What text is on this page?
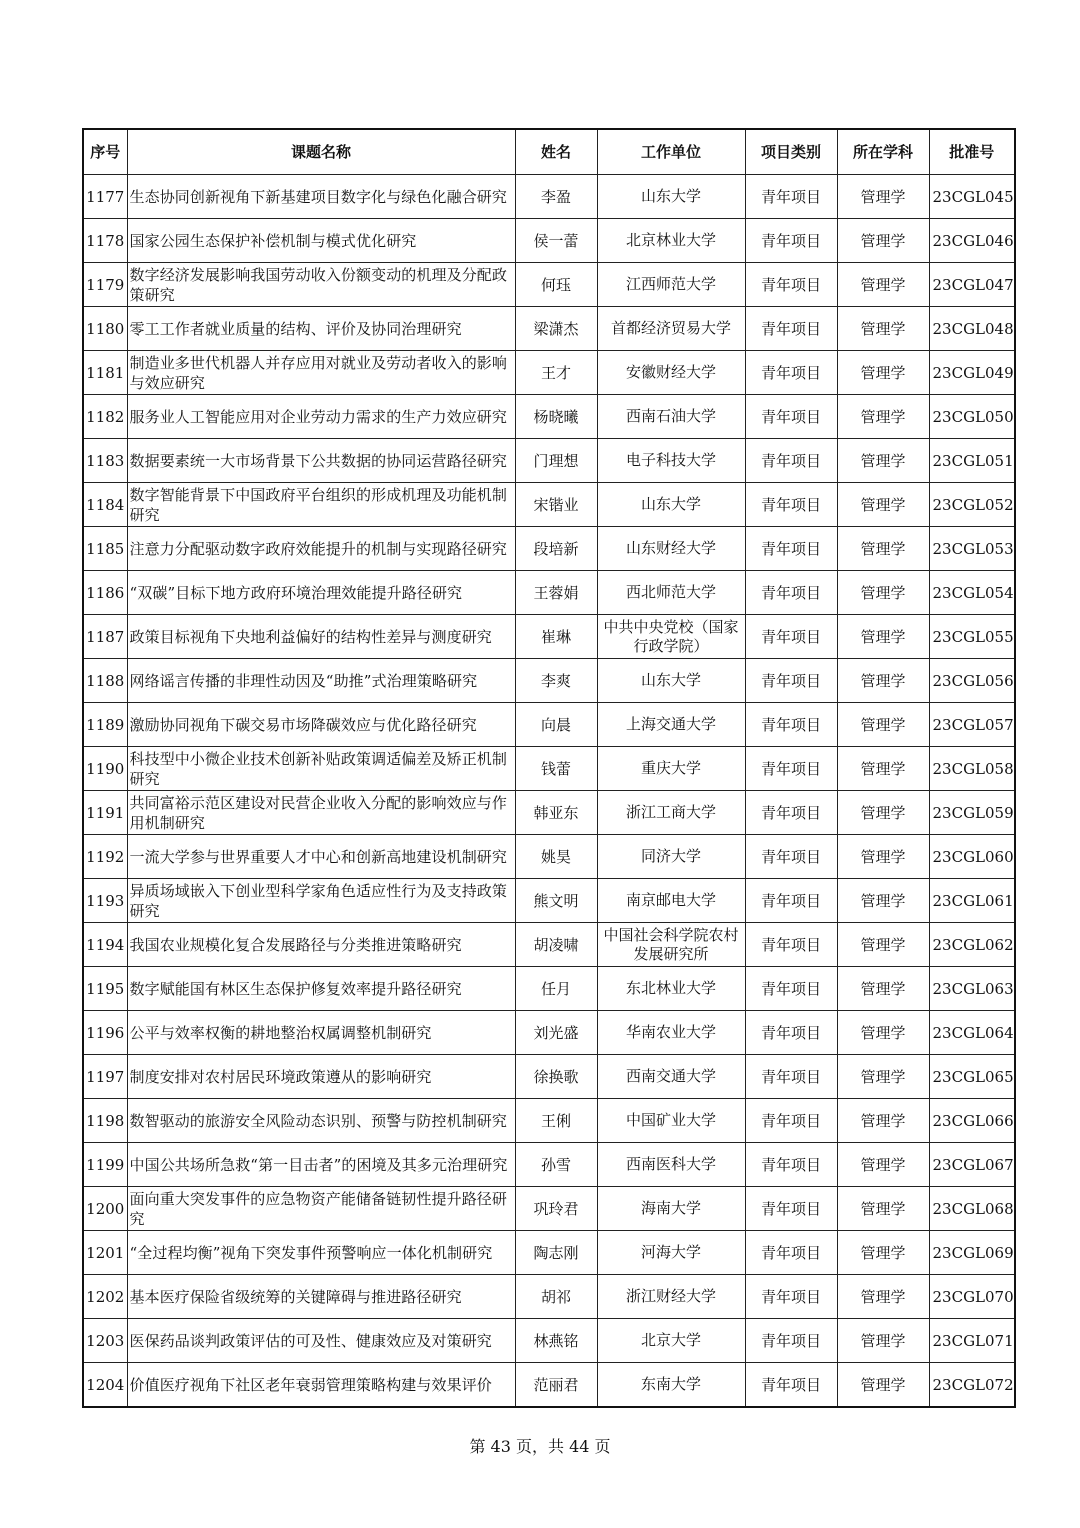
序号	课题名称	姓名	工作单位	项目类别	所在学科	批准号
1177	生态协同创新视角下新基建项目数字化与绿色化融合研究	李盈	山东大学	青年项目	管理学	23CGL045
1178	国家公园生态保护补偿机制与模式优化研究	侯一蕾	北京林业大学	青年项目	管理学	23CGL046
1179	数字经济发展影响我国劳动收入份额变动的机理及分配政策研究	何珏	江西师范大学	青年项目	管理学	23CGL047
1180	零工工作者就业质量的结构、评价及协同治理研究	梁潇杰	首都经济贸易大学	青年项目	管理学	23CGL048
1181	制造业多世代机器人并存应用对就业及劳动者收入的影响与效应研究	王才	安徽财经大学	青年项目	管理学	23CGL049
1182	服务业人工智能应用对企业劳动力需求的生产力效应研究	杨晓曦	西南石油大学	青年项目	管理学	23CGL050
1183	数据要素统一大市场背景下公共数据的协同运营路径研究	门理想	电子科技大学	青年项目	管理学	23CGL051
1184	数字智能背景下中国政府平台组织的形成机理及功能机制研究	宋锴业	山东大学	青年项目	管理学	23CGL052
1185	注意力分配驱动数字政府效能提升的机制与实现路径研究	段培新	山东财经大学	青年项目	管理学	23CGL053
1186	“双碳”目标下地方政府环境治理效能提升路径研究	王蓉娟	西北师范大学	青年项目	管理学	23CGL054
1187	政策目标视角下央地利益偏好的结构性差异与测度研究	崔琳	中共中央党校（国家行政学院）	青年项目	管理学	23CGL055
1188	网络谣言传播的非理性动因及“助推”式治理策略研究	李爽	山东大学	青年项目	管理学	23CGL056
1189	激励协同视角下碳交易市场降碳效应与优化路径研究	向晨	上海交通大学	青年项目	管理学	23CGL057
1190	科技型中小微企业技术创新补贴政策调适偏差及矫正机制研究	钱蕾	重庆大学	青年项目	管理学	23CGL058
1191	共同富裕示范区建设对民营企业收入分配的影响效应与作用机制研究	韩亚东	浙江工商大学	青年项目	管理学	23CGL059
1192	一流大学参与世界重要人才中心和创新高地建设机制研究	姚昊	同济大学	青年项目	管理学	23CGL060
1193	异质场域嵌入下创业型科学家角色适应性行为及支持政策研究	熊文明	南京邮电大学	青年项目	管理学	23CGL061
1194	我国农业规模化复合发展路径与分类推进策略研究	胡凌啸	中国社会科学院农村发展研究所	青年项目	管理学	23CGL062
1195	数字赋能国有林区生态保护修复效率提升路径研究	任月	东北林业大学	青年项目	管理学	23CGL063
1196	公平与效率权衡的耕地整治权属调整机制研究	刘光盛	华南农业大学	青年项目	管理学	23CGL064
1197	制度安排对农村居民环境政策遵从的影响研究	徐换歌	西南交通大学	青年项目	管理学	23CGL065
1198	数智驱动的旅游安全风险动态识别、预警与防控机制研究	王俐	中国矿业大学	青年项目	管理学	23CGL066
1199	中国公共场所急救“第一目击者”的困境及其多元治理研究	孙雪	西南医科大学	青年项目	管理学	23CGL067
1200	面向重大突发事件的应急物资产能储备链韧性提升路径研究	巩玲君	海南大学	青年项目	管理学	23CGL068
1201	“全过程均衡”视角下突发事件预警响应一体化机制研究	陶志刚	河海大学	青年项目	管理学	23CGL069
1202	基本医疗保险省级统筹的关键障碍与推进路径研究	胡祁	浙江财经大学	青年项目	管理学	23CGL070
1203	医保药品谈判政策评估的可及性、健康效应及对策研究	林燕铭	北京大学	青年项目	管理学	23CGL071
1204	价值医疗视角下社区老年衰弱管理策略构建与效果评价	范丽君	东南大学	青年项目	管理学	23CGL072
第 43 页，共 44 页
